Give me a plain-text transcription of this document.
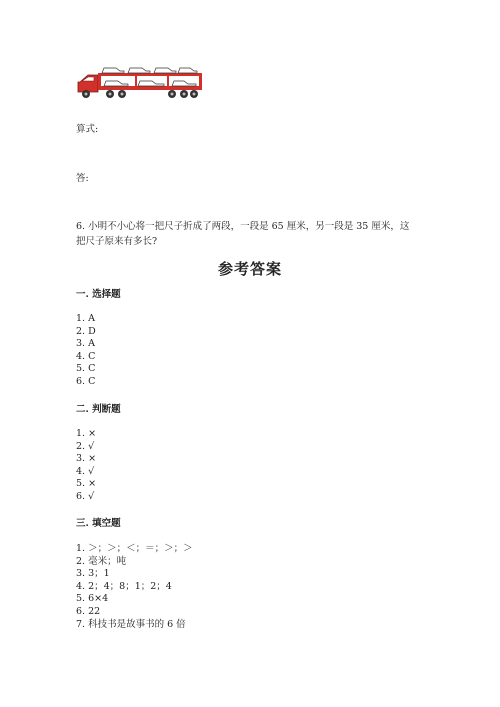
算式:
答:
6. 小明不小心将一把尺子折成了两段，一段是 65 厘米，另一段是 35 厘米，这
把尺子原来有多长?
参考答案
一. 选择题
1. A
2. D
3. A
4. C
5. C
6. C
二. 判断题
1. ×
2. √
3. ×
4. √
5. ×
6. √
三. 填空题
1. ＞；＞；＜；＝；＞；＞
2. 毫米；吨
3. 3；1
4. 2；4；8；1；2；4
5. 6×4
6. 22
7. 科技书是故事书的 6 倍
